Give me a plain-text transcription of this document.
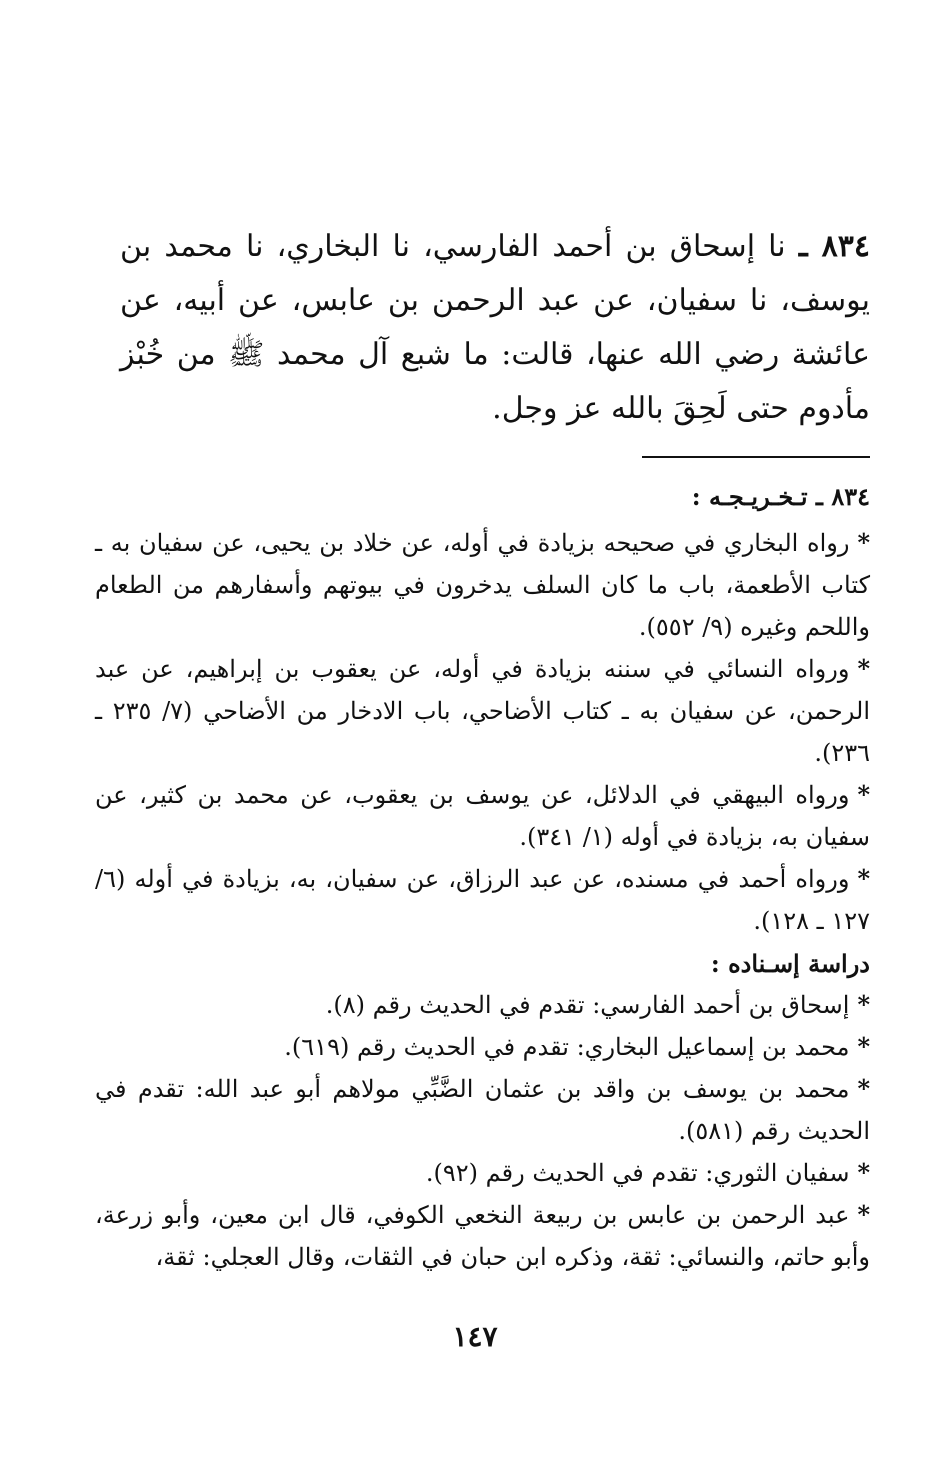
٨٣٤ ـ نا إسحاق بن أحمد الفارسي، نا البخاري، نا محمد بن يوسف، نا سفيان، عن عبد الرحمن بن عابس، عن أبيه، عن عائشة رضي الله عنها، قالت: ما شبع آل محمد ﷺ من خُبْز مأدوم حتى لَحِقَ بالله عز وجل.

٨٣٤ ـ تـخـريـجـه :

*رواه البخاري في صحيحه بزيادة في أوله، عن خلاد بن يحيى، عن سفيان به ـ كتاب الأطعمة، باب ما كان السلف يدخرون في بيوتهم وأسفارهم من الطعام واللحم وغيره (٩/ ٥٥٢).

*ورواه النسائي في سننه بزيادة في أوله، عن يعقوب بن إبراهيم، عن عبد الرحمن، عن سفيان به ـ كتاب الأضاحي، باب الادخار من الأضاحي (٧/ ٢٣٥ ـ ٢٣٦).

*ورواه البيهقي في الدلائل، عن يوسف بن يعقوب، عن محمد بن كثير، عن سفيان به، بزيادة في أوله (١/ ٣٤١).

*ورواه أحمد في مسنده، عن عبد الرزاق، عن سفيان، به، بزيادة في أوله (٦/ ١٢٧ ـ ١٢٨).

دراسة إسـناده :

*إسحاق بن أحمد الفارسي: تقدم في الحديث رقم (٨).

*محمد بن إسماعيل البخاري: تقدم في الحديث رقم (٦١٩).

*محمد بن يوسف بن واقد بن عثمان الضَّبِّي مولاهم أبو عبد الله: تقدم في الحديث رقم (٥٨١).

*سفيان الثوري: تقدم في الحديث رقم (٩٢).

*عبد الرحمن بن عابس بن ربيعة النخعي الكوفي، قال ابن معين، وأبو زرعة، وأبو حاتم، والنسائي: ثقة، وذكره ابن حبان في الثقات، وقال العجلي: ثقة،

١٤٧
